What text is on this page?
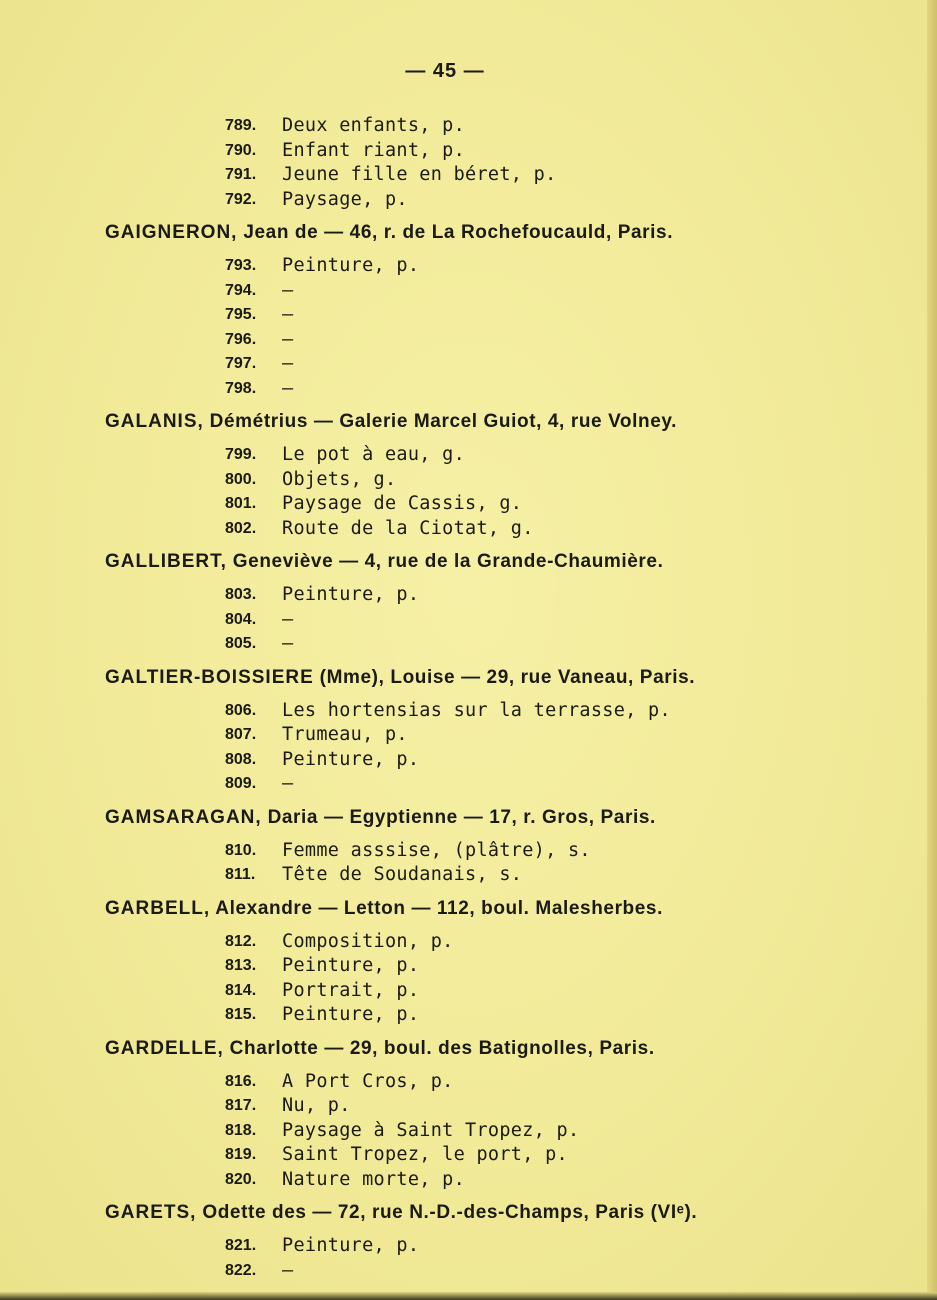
— 45 —
789. Deux enfants, p.
790. Enfant riant, p.
791. Jeune fille en béret, p.
792. Paysage, p.
GAIGNERON, Jean de — 46, r. de La Rochefoucauld, Paris.
793. Peinture, p.
794. —
795. —
796. —
797. —
798. —
GALANIS, Démétrius — Galerie Marcel Guiot, 4, rue Volney.
799. Le pot à eau, g.
800. Objets, g.
801. Paysage de Cassis, g.
802. Route de la Ciotat, g.
GALLIBERT, Geneviève — 4, rue de la Grande-Chaumière.
803. Peinture, p.
804. —
805. —
GALTIER-BOISSIERE (Mme), Louise — 29, rue Vaneau, Paris.
806. Les hortensias sur la terrasse, p.
807. Trumeau, p.
808. Peinture, p.
809. —
GAMSARAGAN, Daria — Egyptienne — 17, r. Gros, Paris.
810. Femme asssise, (plâtre), s.
811. Tête de Soudanais, s.
GARBELL, Alexandre — Letton — 112, boul. Malesherbes.
812. Composition, p.
813. Peinture, p.
814. Portrait, p.
815. Peinture, p.
GARDELLE, Charlotte — 29, boul. des Batignolles, Paris.
816. A Port Cros, p.
817. Nu, p.
818. Paysage à Saint Tropez, p.
819. Saint Tropez, le port, p.
820. Nature morte, p.
GARETS, Odette des — 72, rue N.-D.-des-Champs, Paris (VIᵉ).
821. Peinture, p.
822. —
